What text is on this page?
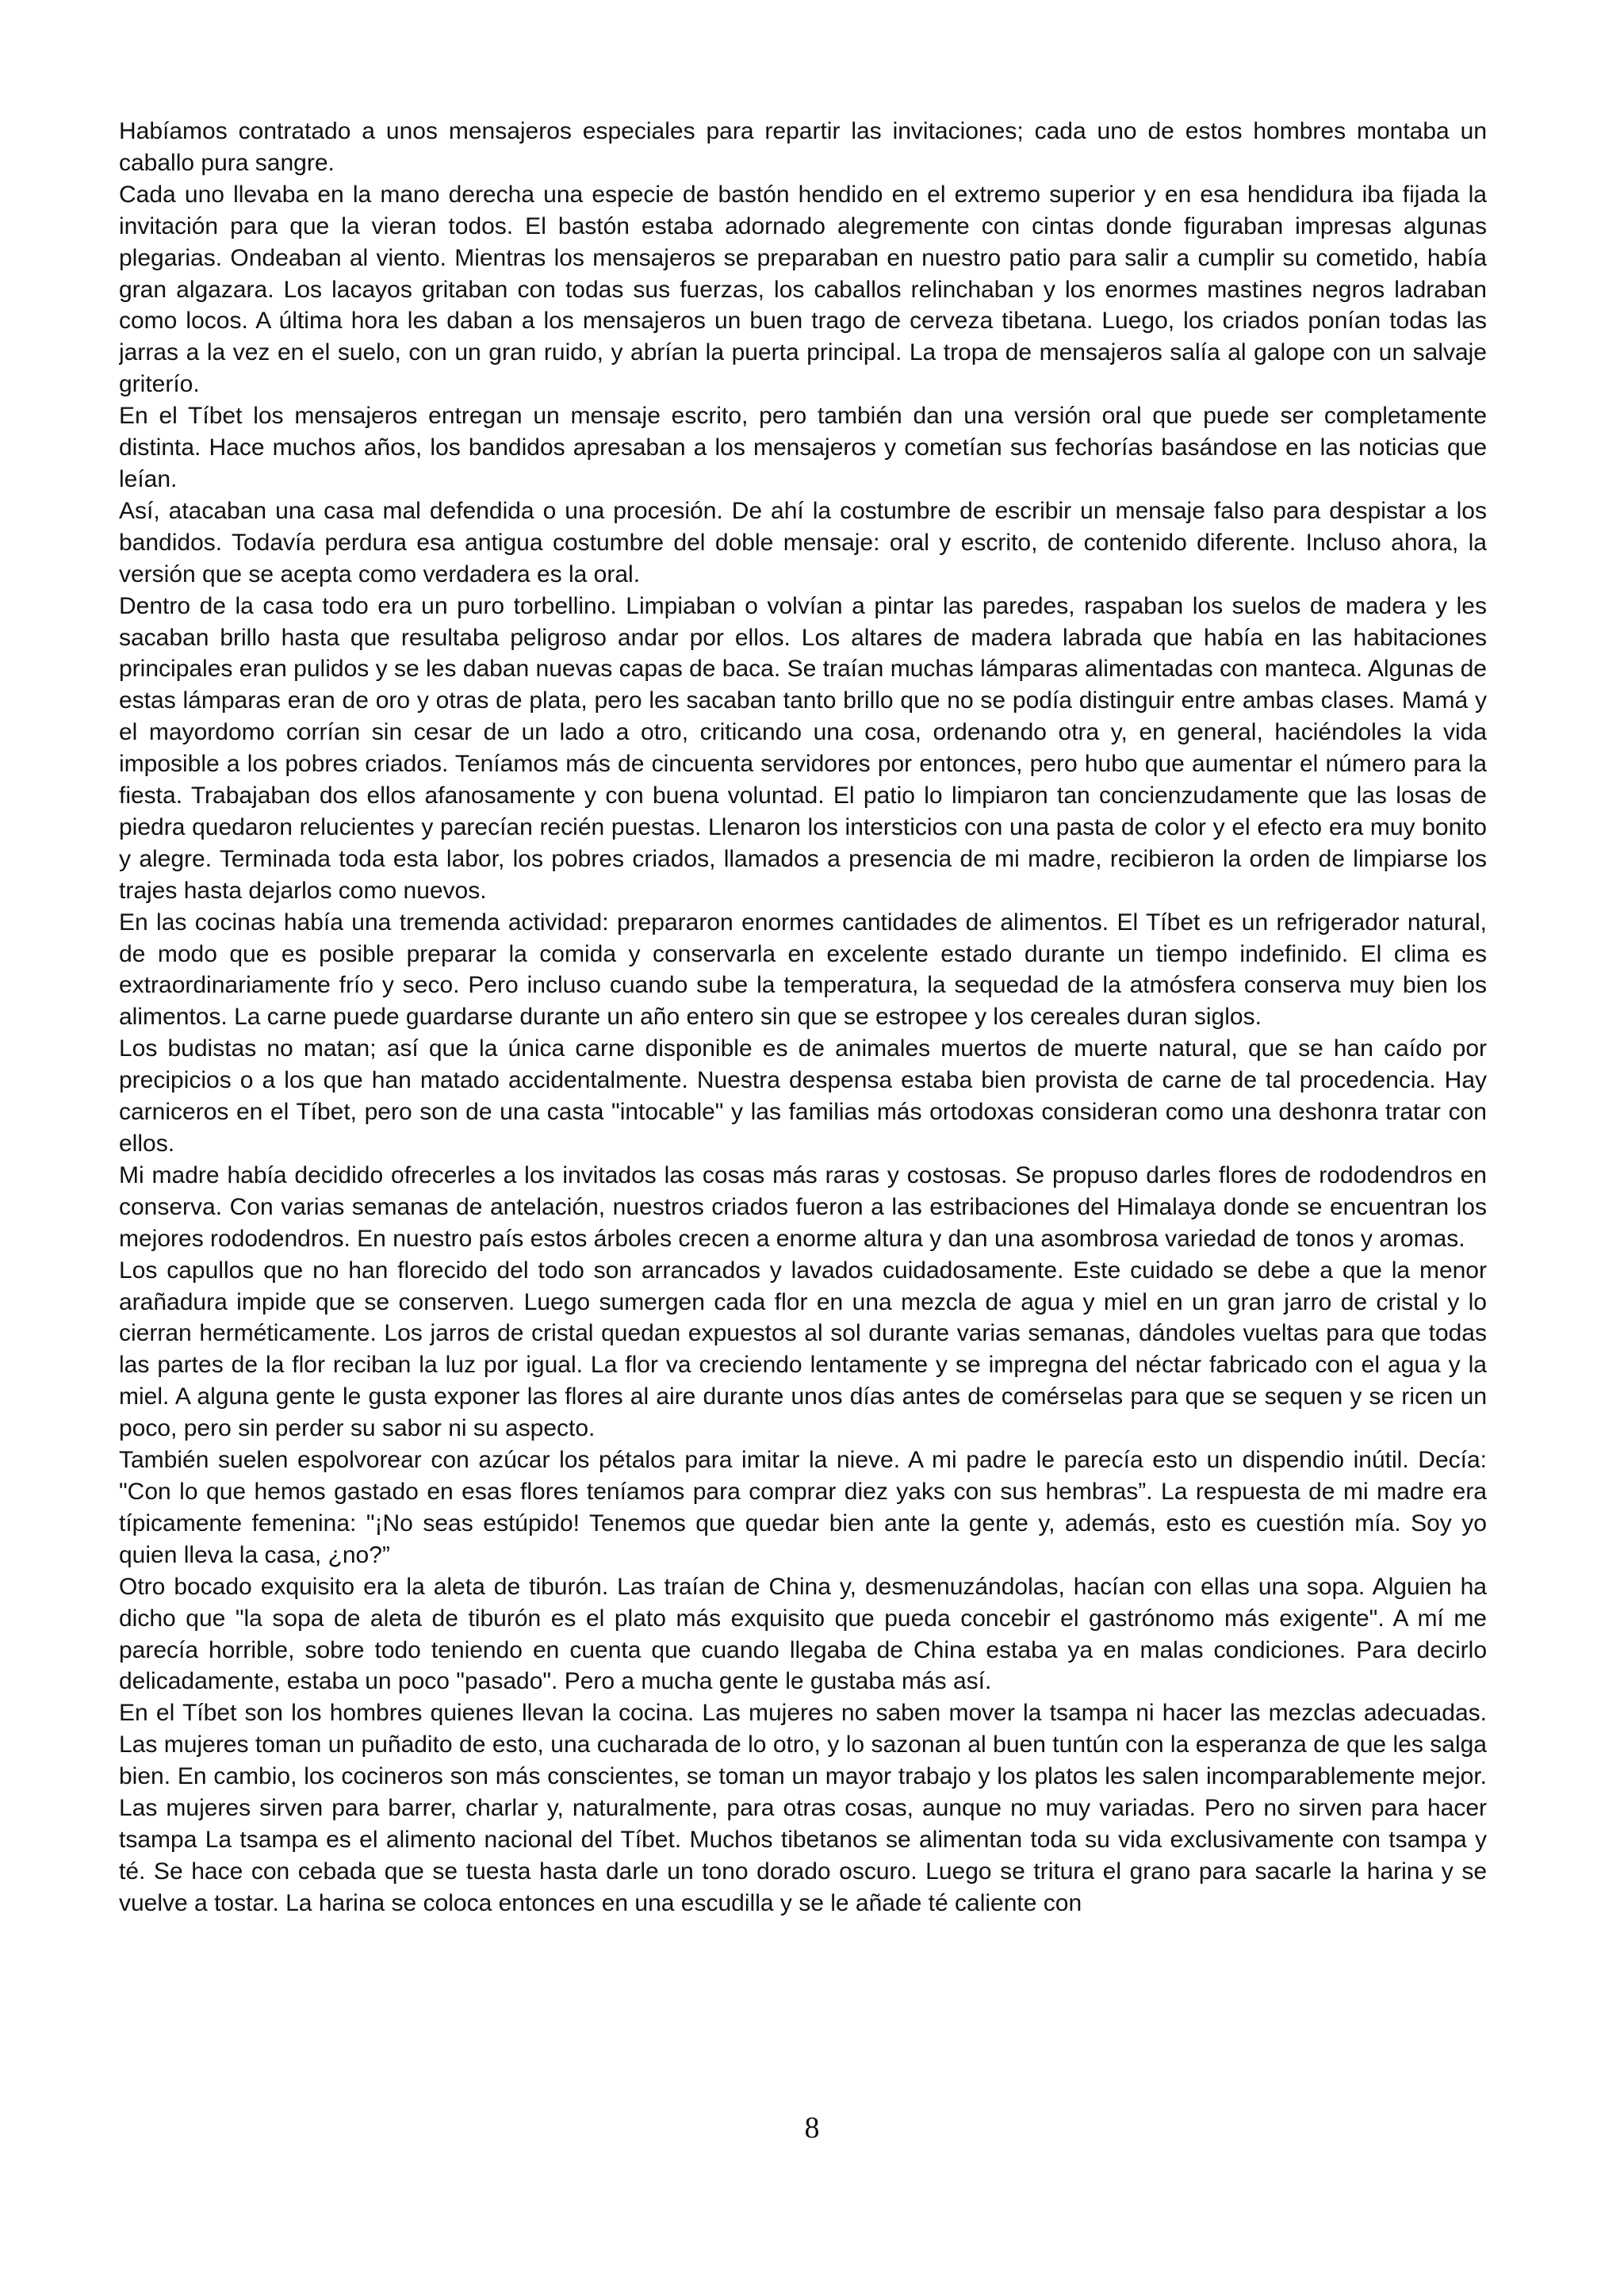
Habíamos contratado a unos mensajeros especiales para repartir las invitaciones; cada uno de estos hombres montaba un caballo pura sangre.

Cada uno llevaba en la mano derecha una especie de bastón hendido en el extremo superior y en esa hendidura iba fijada la invitación para que la vieran todos. El bastón estaba adornado alegremente con cintas donde figuraban impresas algunas plegarias. Ondeaban al viento. Mientras los mensajeros se preparaban en nuestro patio para salir a cumplir su cometido, había gran algazara. Los lacayos gritaban con todas sus fuerzas, los caballos relinchaban y los enormes mastines negros ladraban como locos. A última hora les daban a los mensajeros un buen trago de cerveza tibetana. Luego, los criados ponían todas las jarras a la vez en el suelo, con un gran ruido, y abrían la puerta principal. La tropa de mensajeros salía al galope con un salvaje griterío.

En el Tíbet los mensajeros entregan un mensaje escrito, pero también dan una versión oral que puede ser completamente distinta. Hace muchos años, los bandidos apresaban a los mensajeros y cometían sus fechorías basándose en las noticias que leían.

Así, atacaban una casa mal defendida o una procesión. De ahí la costumbre de escribir un mensaje falso para despistar a los bandidos. Todavía perdura esa antigua costumbre del doble mensaje: oral y escrito, de contenido diferente. Incluso ahora, la versión que se acepta como verdadera es la oral.

Dentro de la casa todo era un puro torbellino. Limpiaban o volvían a pintar las paredes, raspaban los suelos de madera y les sacaban brillo hasta que resultaba peligroso andar por ellos. Los altares de madera labrada que había en las habitaciones principales eran pulidos y se les daban nuevas capas de baca. Se traían muchas lámparas alimentadas con manteca. Algunas de estas lámparas eran de oro y otras de plata, pero les sacaban tanto brillo que no se podía distinguir entre ambas clases. Mamá y el mayordomo corrían sin cesar de un lado a otro, criticando una cosa, ordenando otra y, en general, haciéndoles la vida imposible a los pobres criados. Teníamos más de cincuenta servidores por entonces, pero hubo que aumentar el número para la fiesta. Trabajaban dos ellos afanosamente y con buena voluntad. El patio lo limpiaron tan concienzudamente que las losas de piedra quedaron relucientes y parecían recién puestas. Llenaron los intersticios con una pasta de color y el efecto era muy bonito y alegre. Terminada toda esta labor, los pobres criados, llamados a presencia de mi madre, recibieron la orden de limpiarse los trajes hasta dejarlos como nuevos.

En las cocinas había una tremenda actividad: prepararon enormes cantidades de alimentos. El Tíbet es un refrigerador natural, de modo que es posible preparar la comida y conservarla en excelente estado durante un tiempo indefinido. El clima es extraordinariamente frío y seco. Pero incluso cuando sube la temperatura, la sequedad de la atmósfera conserva muy bien los alimentos. La carne puede guardarse durante un año entero sin que se estropee y los cereales duran siglos.

Los budistas no matan; así que la única carne disponible es de animales muertos de muerte natural, que se han caído por precipicios o a los que han matado accidentalmente. Nuestra despensa estaba bien provista de carne de tal procedencia. Hay carniceros en el Tíbet, pero son de una casta "intocable" y las familias más ortodoxas consideran como una deshonra tratar con ellos.

Mi madre había decidido ofrecerles a los invitados las cosas más raras y costosas. Se propuso darles flores de rododendros en conserva. Con varias semanas de antelación, nuestros criados fueron a las estribaciones del Himalaya donde se encuentran los mejores rododendros. En nuestro país estos árboles crecen a enorme altura y dan una asombrosa variedad de tonos y aromas.

Los capullos que no han florecido del todo son arrancados y lavados cuidadosamente. Este cuidado se debe a que la menor arañadura impide que se conserven. Luego sumergen cada flor en una mezcla de agua y miel en un gran jarro de cristal y lo cierran herméticamente. Los jarros de cristal quedan expuestos al sol durante varias semanas, dándoles vueltas para que todas las partes de la flor reciban la luz por igual. La flor va creciendo lentamente y se impregna del néctar fabricado con el agua y la miel. A alguna gente le gusta exponer las flores al aire durante unos días antes de comérselas para que se sequen y se ricen un poco, pero sin perder su sabor ni su aspecto.

También suelen espolvorear con azúcar los pétalos para imitar la nieve. A mi padre le parecía esto un dispendio inútil. Decía: "Con lo que hemos gastado en esas flores teníamos para comprar diez yaks con sus hembras”. La respuesta de mi madre era típicamente femenina: "¡No seas estúpido! Tenemos que quedar bien ante la gente y, además, esto es cuestión mía. Soy yo quien lleva la casa, ¿no?”

Otro bocado exquisito era la aleta de tiburón. Las traían de China y, desmenuzándolas, hacían con ellas una sopa. Alguien ha dicho que "la sopa de aleta de tiburón es el plato más exquisito que pueda concebir el gastrónomo más exigente". A mí me parecía horrible, sobre todo teniendo en cuenta que cuando llegaba de China estaba ya en malas condiciones. Para decirlo delicadamente, estaba un poco "pasado". Pero a mucha gente le gustaba más así.

En el Tíbet son los hombres quienes llevan la cocina. Las mujeres no saben mover la tsampa ni hacer las mezclas adecuadas. Las mujeres toman un puñadito de esto, una cucharada de lo otro, y lo sazonan al buen tuntún con la esperanza de que les salga bien. En cambio, los cocineros son más conscientes, se toman un mayor trabajo y los platos les salen incomparablemente mejor. Las mujeres sirven para barrer, charlar y, naturalmente, para otras cosas, aunque no muy variadas. Pero no sirven para hacer tsampa La tsampa es el alimento nacional del Tíbet. Muchos tibetanos se alimentan toda su vida exclusivamente con tsampa y té. Se hace con cebada que se tuesta hasta darle un tono dorado oscuro. Luego se tritura el grano para sacarle la harina y se vuelve a tostar. La harina se coloca entonces en una escudilla y se le añade té caliente con

8
